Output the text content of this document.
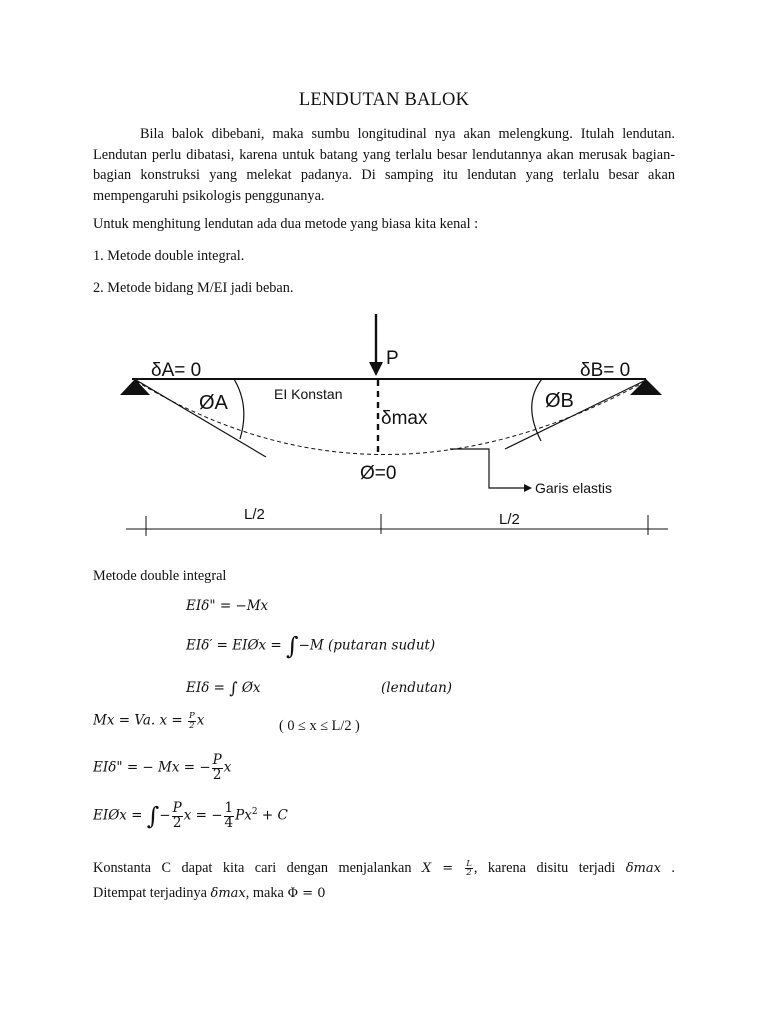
LENDUTAN BALOK
Bila balok dibebani, maka sumbu longitudinal nya akan melengkung. Itulah lendutan. Lendutan perlu dibatasi, karena untuk batang yang terlalu besar lendutannya akan merusak bagian-bagian konstruksi yang melekat padanya. Di samping itu lendutan yang terlalu besar akan mempengaruhi psikologis penggunanya.
Untuk menghitung lendutan ada dua metode yang biasa kita kenal :
1. Metode double integral.
2. Metode bidang M/EI jadi beban.
δA= 0	δB= 0
P
ØA	ØB
EI Konstan
δmax
Ø=0
Garis elastis
L/2	L/2
Metode double integral
EIδ" = −Mx
EIδ′ = EIØx = ∫−M (putaran sudut)
EIδ = ∫ Øx	(lendutan)
Mx = Va. $x = \frac{P}{2}$ x	( 0 ≤ x ≤ L/2 )
EIδ" = − Mx = − $\frac{P}{2}$ x
EIØx = ∫− $\frac{P}{2}$ x = − $\frac{1}{4} Px^2 + C$
Konstanta C dapat kita cari dengan menjalankan $X = \frac{L}{2}$ , karena disitu terjadi δmax .
Ditempat terjadinya δmax, maka Φ = 0
